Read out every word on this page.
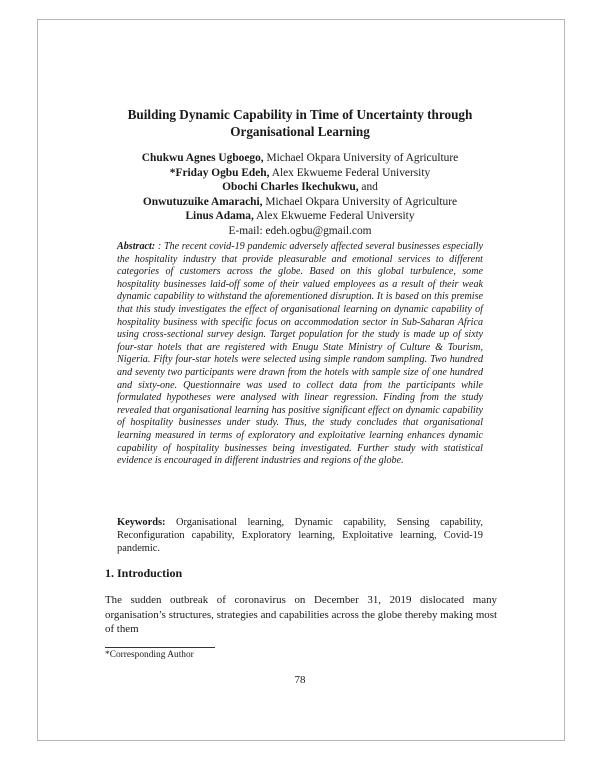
Building Dynamic Capability in Time of Uncertainty through
Organisational Learning
Chukwu Agnes Ugboego, Michael Okpara University of Agriculture
*Friday Ogbu Edeh, Alex Ekwueme Federal University
Obochi Charles Ikechukwu, and
Onwutuzuike Amarachi, Michael Okpara University of Agriculture
Linus Adama, Alex Ekwueme Federal University
E-mail: edeh.ogbu@gmail.com
Abstract: : The recent covid-19 pandemic adversely affected several businesses especially the hospitality industry that provide pleasurable and emotional services to different categories of customers across the globe. Based on this global turbulence, some hospitality businesses laid-off some of their valued employees as a result of their weak dynamic capability to withstand the aforementioned disruption. It is based on this premise that this study investigates the effect of organisational learning on dynamic capability of hospitality business with specific focus on accommodation sector in Sub-Saharan Africa using cross-sectional survey design. Target population for the study is made up of sixty four-star hotels that are registered with Enugu State Ministry of Culture & Tourism, Nigeria. Fifty four-star hotels were selected using simple random sampling. Two hundred and seventy two participants were drawn from the hotels with sample size of one hundred and sixty-one. Questionnaire was used to collect data from the participants while formulated hypotheses were analysed with linear regression. Finding from the study revealed that organisational learning has positive significant effect on dynamic capability of hospitality businesses under study. Thus, the study concludes that organisational learning measured in terms of exploratory and exploitative learning enhances dynamic capability of hospitality businesses being investigated. Further study with statistical evidence is encouraged in different industries and regions of the globe.
Keywords: Organisational learning, Dynamic capability, Sensing capability, Reconfiguration capability, Exploratory learning, Exploitative learning, Covid-19 pandemic.
1. Introduction
The sudden outbreak of coronavirus on December 31, 2019 dislocated many organisation’s structures, strategies and capabilities across the globe thereby making most of them
*Corresponding Author
78
